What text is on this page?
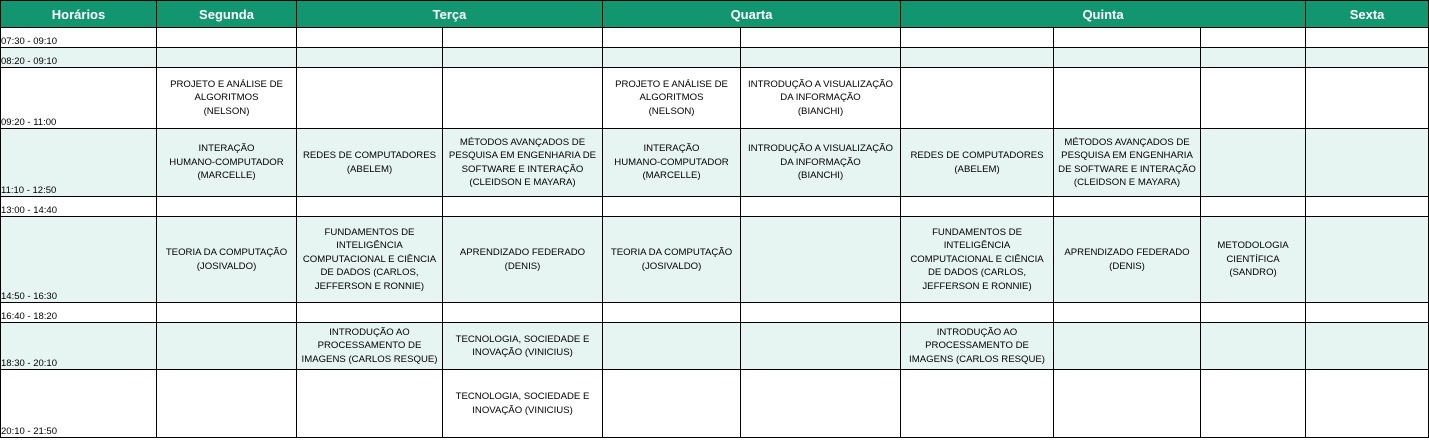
Horários	Segunda	Terça		Quarta		Quinta			Sexta
07:30 - 09:10									
08:20 - 09:10									
09:20 - 11:00	PROJETO E ANÁLISE DE
ALGORITMOS
(NELSON)			PROJETO E ANÁLISE DE
ALGORITMOS
(NELSON)	INTRODUÇÃO A VISUALIZAÇÃO
DA INFORMAÇÃO
(BIANCHI)				

11:10 - 12:50	INTERAÇÃO
HUMANO-COMPUTADOR
(MARCELLE)	REDES DE COMPUTADORES
(ABELEM)	MÉTODOS AVANÇADOS DE
PESQUISA EM ENGENHARIA DE
SOFTWARE E INTERAÇÃO
(CLEIDSON E MAYARA)	INTERAÇÃO
HUMANO-COMPUTADOR
(MARCELLE)	INTRODUÇÃO A VISUALIZAÇÃO
DA INFORMAÇÃO
(BIANCHI)	REDES DE COMPUTADORES
(ABELEM)	MÉTODOS AVANÇADOS DE
PESQUISA EM ENGENHARIA
DE SOFTWARE E INTERAÇÃO
(CLEIDSON E MAYARA)		

13:00 - 14:40									
14:50 - 16:30	TEORIA DA COMPUTAÇÃO
(JOSIVALDO)	FUNDAMENTOS DE
INTELIGÊNCIA
COMPUTACIONAL E CIÊNCIA
DE DADOS (CARLOS,
JEFFERSON E RONNIE)	APRENDIZADO FEDERADO
(DENIS)	TEORIA DA COMPUTAÇÃO
(JOSIVALDO)		FUNDAMENTOS DE
INTELIGÊNCIA
COMPUTACIONAL E CIÊNCIA
DE DADOS (CARLOS,
JEFFERSON E RONNIE)	APRENDIZADO FEDERADO
(DENIS)	METODOLOGIA
CIENTÍFICA
(SANDRO)	

16:40 - 18:20									
18:30 - 20:10		INTRODUÇÃO AO
PROCESSAMENTO DE
IMAGENS (CARLOS RESQUE)	TECNOLOGIA, SOCIEDADE E
INOVAÇÃO (VINICIUS)			INTRODUÇÃO AO
PROCESSAMENTO DE
IMAGENS (CARLOS RESQUE)			

20:10 - 21:50			TECNOLOGIA, SOCIEDADE E
INOVAÇÃO (VINICIUS)						
